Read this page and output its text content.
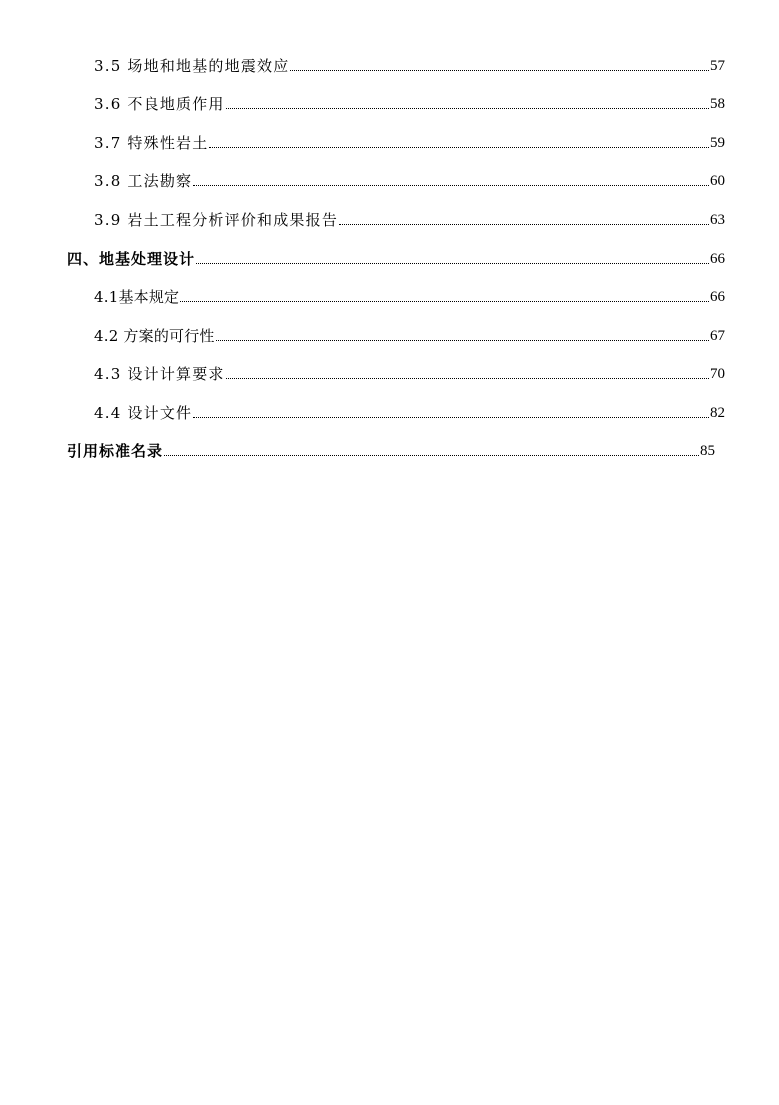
3.5 场地和地基的地震效应	57
3.6 不良地质作用	58
3.7 特殊性岩土	59
3.8 工法勘察	60
3.9 岩土工程分析评价和成果报告	63
四、地基处理设计	66
4.1基本规定	66
4.2 方案的可行性	67
4.3 设计计算要求	70
4.4 设计文件	82
引用标准名录	85
